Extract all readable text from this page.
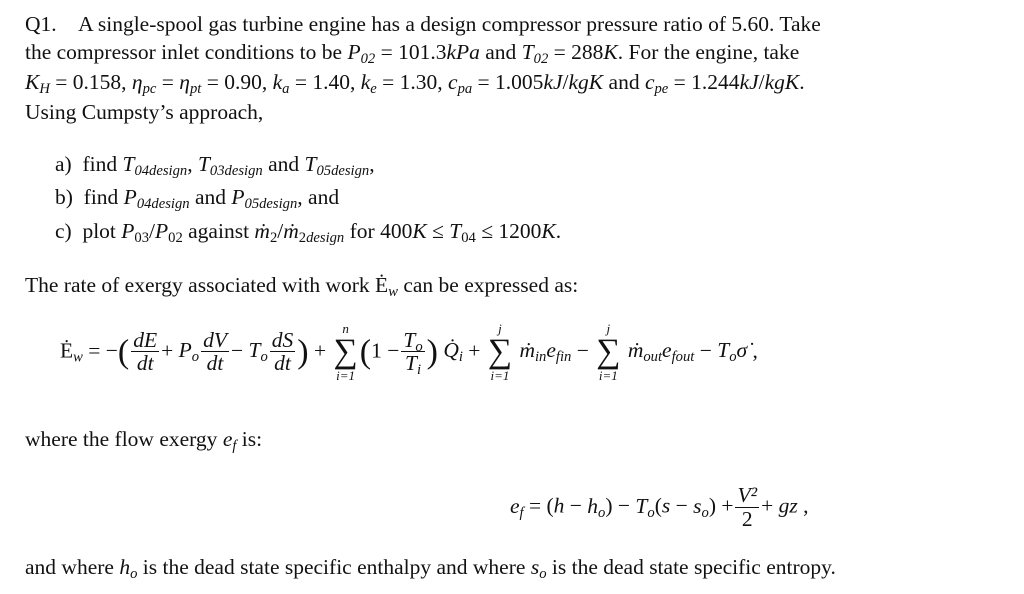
Q1. A single-spool gas turbine engine has a design compressor pressure ratio of 5.60. Take
the compressor inlet conditions to be $P_{02} = 101.3kPa$ and $T_{02} = 288K$. For the engine, take
$K_H = 0.158$, $\eta_{pc} = \eta_{pt} = 0.90$, $k_a = 1.40$, $k_e = 1.30$, $c_{pa} = 1.005kJ/kgK$ and $c_{pe} = 1.244kJ/kgK$.
Using Cumpsty’s approach,
a)  find $T_{04design}$, $T_{03design}$ and $T_{05design}$,
b)  find $P_{04design}$ and $P_{05design}$, and
c)  plot $P_{03}/P_{02}$ against ṁ$_2$/ṁ$_{2design}$ for $400K \le T_{04} \le 1200K$.
The rate of exergy associated with work $Ė_w$ can be expressed as:
$Ė_w$ = −( $\frac{dE}{dt} + P_o \frac{dV}{dt} - T_o \frac{dS}{dt}$ ) +
n
∑
i=1
($1 - \frac{T_o}{T_i}$ ) $Q̇_i$ +
j
∑
i=1
$ṁ_{in}e_{fin}$ −
j
∑
i=1
$ṁ_{out}e_{fout}$ − $T_o\sigmȧ$ ,
where the flow exergy $e_f$ is:
$e_f = (h - h_o) - T_o(s - s_o) + \frac{\text{V²}}{2}$ + gz ,
and where $h_o$ is the dead state specific enthalpy and where $s_o$ is the dead state specific entropy.
